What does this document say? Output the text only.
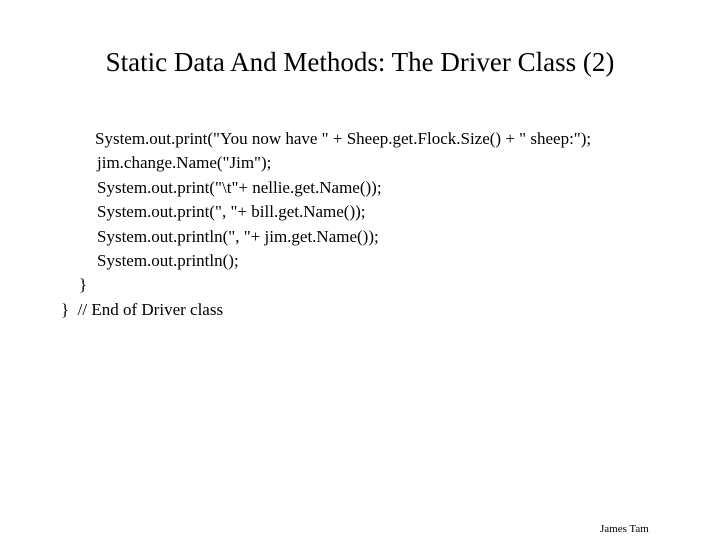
Static Data And Methods: The Driver Class (2)

System.out.print("You now have " + Sheep.get.Flock.Size() + " sheep:");

jim.change.Name("Jim");

System.out.print("\t"+ nellie.get.Name());

System.out.print(", "+ bill.get.Name());

System.out.println(", "+ jim.get.Name());

System.out.println();

}

}  // End of Driver class

James Tam
